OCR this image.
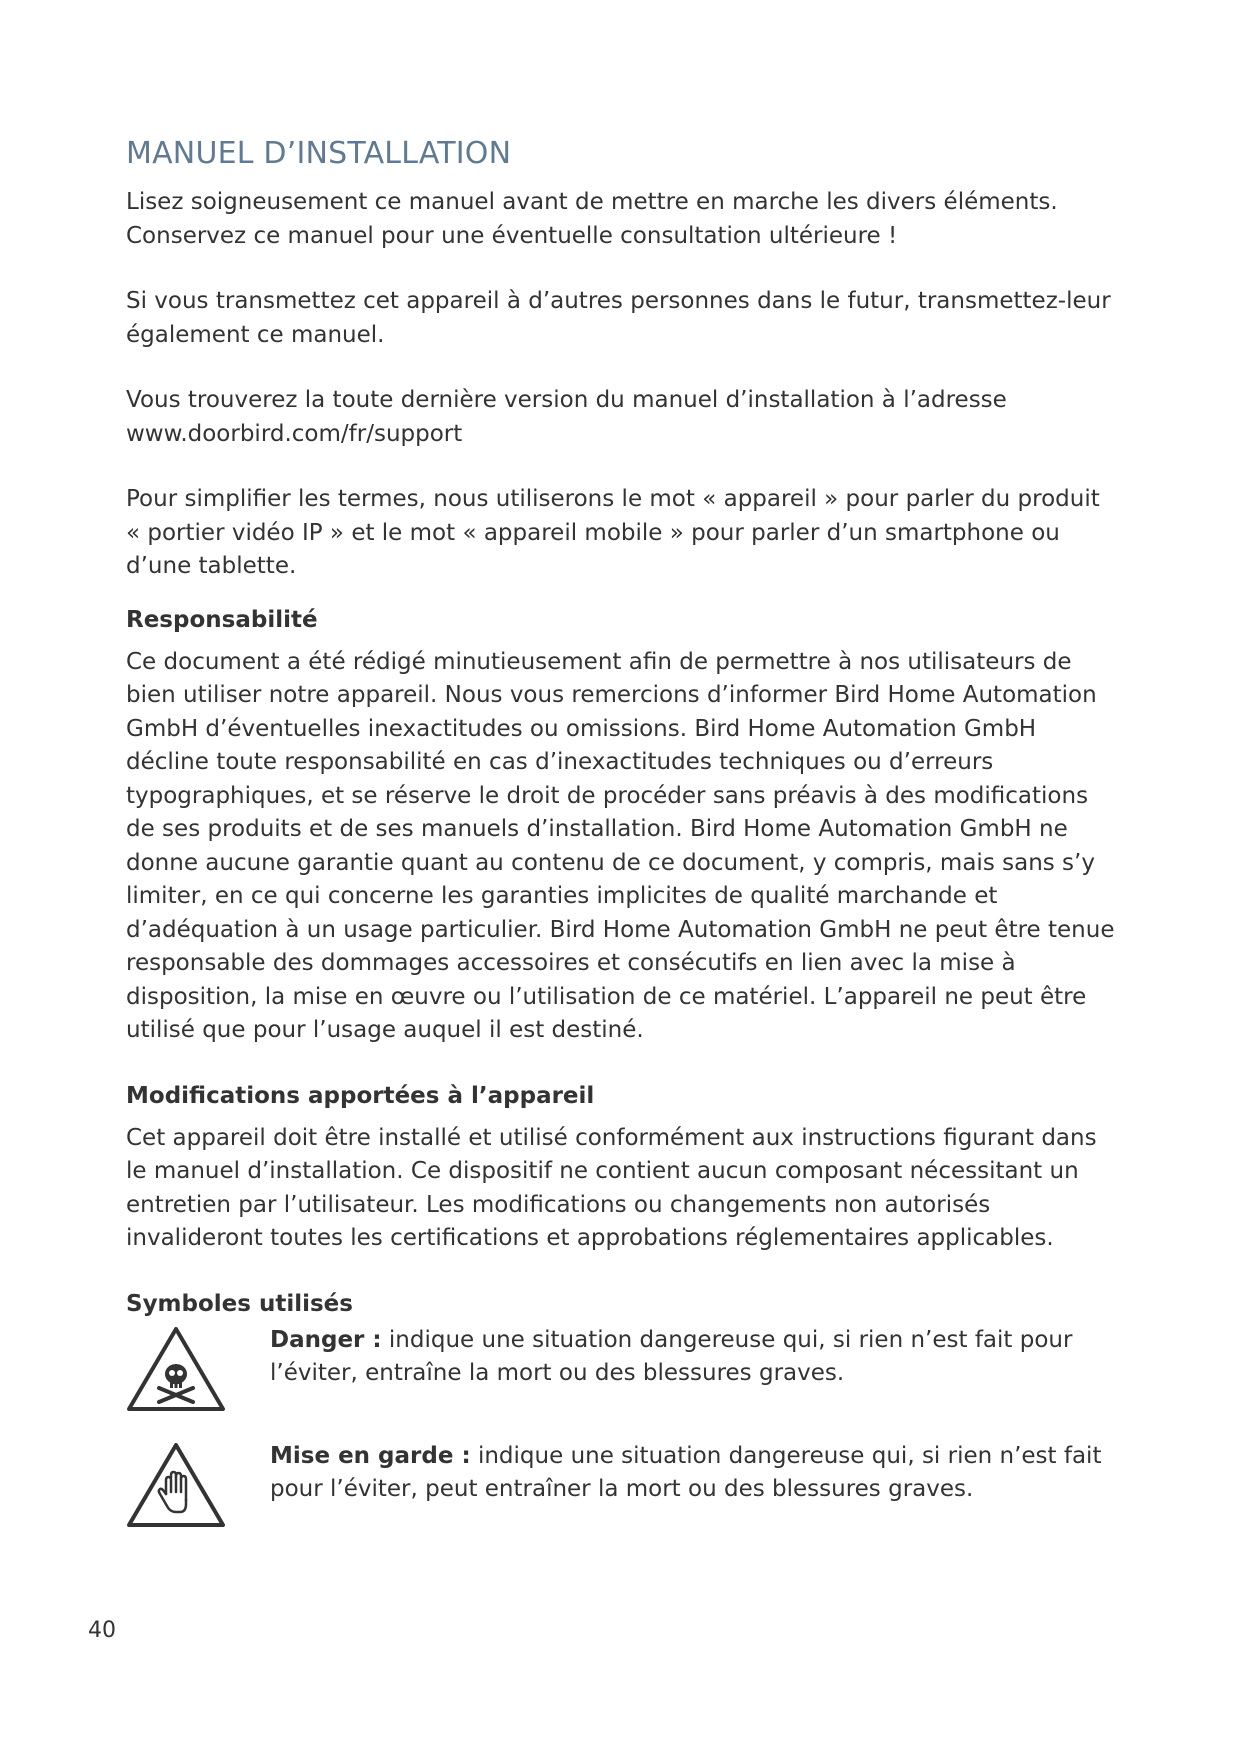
MANUEL D’INSTALLATION

Lisez soigneusement ce manuel avant de mettre en marche les divers éléments. Conservez ce manuel pour une éventuelle consultation ultérieure !

Si vous transmettez cet appareil à d’autres personnes dans le futur, transmettez-leur également ce manuel.

Vous trouverez la toute dernière version du manuel d’installation à l’adresse www.doorbird.com/fr/support

Pour simplifier les termes, nous utiliserons le mot « appareil » pour parler du produit « portier vidéo IP » et le mot « appareil mobile » pour parler d’un smartphone ou d’une tablette.

Responsabilité

Ce document a été rédigé minutieusement afin de permettre à nos utilisateurs de bien utiliser notre appareil. Nous vous remercions d’informer Bird Home Automation GmbH d’éventuelles inexactitudes ou omissions. Bird Home Automation GmbH décline toute responsabilité en cas d’inexactitudes techniques ou d’erreurs typographiques, et se réserve le droit de procéder sans préavis à des modifications de ses produits et de ses manuels d’installation. Bird Home Automation GmbH ne donne aucune garantie quant au contenu de ce document, y compris, mais sans s’y limiter, en ce qui concerne les garanties implicites de qualité marchande et d’adéquation à un usage particulier. Bird Home Automation GmbH ne peut être tenue responsable des dommages accessoires et consécutifs en lien avec la mise à disposition, la mise en œuvre ou l’utilisation de ce matériel. L’appareil ne peut être utilisé que pour l’usage auquel il est destiné.

Modifications apportées à l’appareil

Cet appareil doit être installé et utilisé conformément aux instructions figurant dans le manuel d’installation. Ce dispositif ne contient aucun composant nécessitant un entretien par l’utilisateur. Les modifications ou changements non autorisés invalideront toutes les certifications et approbations réglementaires applicables.

Symboles utilisés
Danger : indique une situation dangereuse qui, si rien n’est fait pour l’éviter, entraîne la mort ou des blessures graves.
Mise en garde : indique une situation dangereuse qui, si rien n’est fait pour l’éviter, peut entraîner la mort ou des blessures graves.
40
